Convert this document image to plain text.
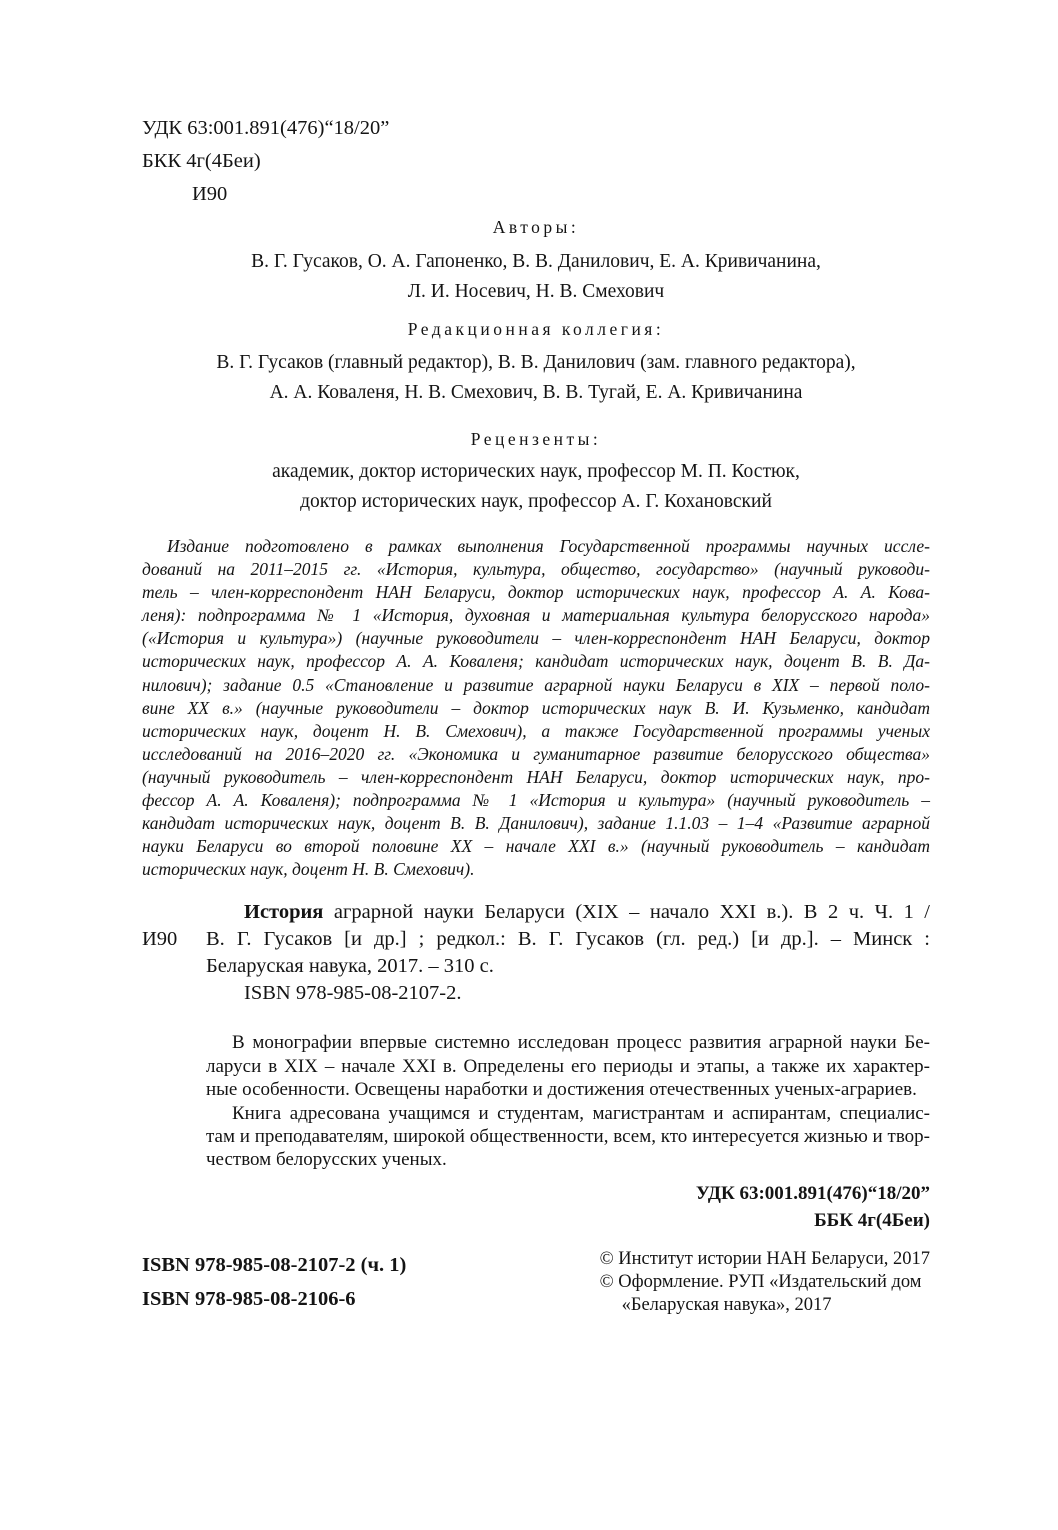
УДК 63:001.891(476)“18/20”
БКК 4г(4Беи)
И90
Авторы:
В. Г. Гусаков, О. А. Гапоненко, В. В. Данилович, Е. А. Кривичанина,
Л. И. Носевич, Н. В. Смехович
Редакционная коллегия:
В. Г. Гусаков (главный редактор), В. В. Данилович (зам. главного редактора),
А. А. Коваленя, Н. В. Смехович, В. В. Тугай, Е. А. Кривичанина
Рецензенты:
академик, доктор исторических наук, профессор М. П. Костюк,
доктор исторических наук, профессор А. Г. Кохановский
Издание подготовлено в рамках выполнения Государственной программы научных иссле-
дований на 2011–2015 гг. «История, культура, общество, государство» (научный руководи-
тель – член-корреспондент НАН Беларуси, доктор исторических наук, профессор А. А. Кова-
леня): подпрограмма № 1 «История, духовная и материальная культура белорусского народа»
(«История и культура») (научные руководители – член-корреспондент НАН Беларуси, доктор
исторических наук, профессор А. А. Коваленя; кандидат исторических наук, доцент В. В. Да-
нилович); задание 0.5 «Становление и развитие аграрной науки Беларуси в XIX – первой поло-
вине XX в.» (научные руководители – доктор исторических наук В. И. Кузьменко, кандидат
исторических наук, доцент Н. В. Смехович), а также Государственной программы ученых
исследований на 2016–2020 гг. «Экономика и гуманитарное развитие белорусского общества»
(научный руководитель – член-корреспондент НАН Беларуси, доктор исторических наук, про-
фессор А. А. Коваленя); подпрограмма № 1 «История и культура» (научный руководитель –
кандидат исторических наук, доцент В. В. Данилович), задание 1.1.03 – 1–4 «Развитие аграрной
науки Беларуси во второй половине XX – начале XXI в.» (научный руководитель – кандидат
исторических наук, доцент Н. В. Смехович).
И90
История аграрной науки Беларуси (XIX – начало XXI в.). В 2 ч. Ч. 1 /
В. Г. Гусаков [и др.] ; редкол.: В. Г. Гусаков (гл. ред.) [и др.]. – Минск :
Беларуская навука, 2017. – 310 с.
ISBN 978-985-08-2107-2.
В монографии впервые системно исследован процесс развития аграрной науки Бе-
ларуси в XIX – начале XXI в. Определены его периоды и этапы, а также их характер-
ные особенности. Освещены наработки и достижения отечественных ученых-аграриев.
Книга адресована учащимся и студентам, магистрантам и аспирантам, специалис-
там и преподавателям, широкой общественности, всем, кто интересуется жизнью и твор-
чеством белорусских ученых.
УДК 63:001.891(476)“18/20”
ББК 4г(4Беи)
ISBN 978-985-08-2107-2 (ч. 1)
ISBN 978-985-08-2106-6
© Институт истории НАН Беларуси, 2017
© Оформление. РУП «Издательский дом
«Беларуская навука», 2017
